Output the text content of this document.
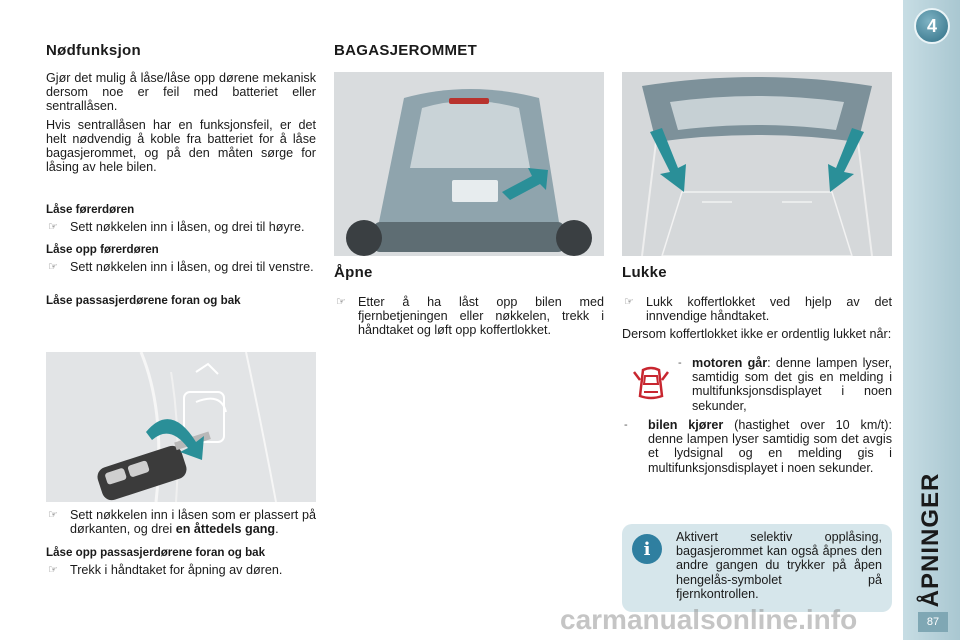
Nødfunksjon
Gjør det mulig å låse/låse opp dørene mekanisk dersom noe er feil med batteriet eller sentrallåsen.
Hvis sentrallåsen har en funksjonsfeil, er det helt nødvendig å koble fra batteriet for å låse bagasjerommet, og på den måten sørge for låsing av hele bilen.
Låse førerdøren
☞ Sett nøkkelen inn i låsen, og drei til høyre.
Låse opp førerdøren
☞ Sett nøkkelen inn i låsen, og drei til venstre.
Låse passasjerdørene foran og bak
☞ Sett nøkkelen inn i låsen som er plassert på dørkanten, og drei en åttedels gang.
Låse opp passasjerdørene foran og bak
☞ Trekk i håndtaket for åpning av døren.
BAGASJEROMMET
Åpne
☞ Etter å ha låst opp bilen med fjernbetjeningen eller nøkkelen, trekk i håndtaket og løft opp koffertlokket.
Lukke
☞ Lukk koffertlokket ved hjelp av det innvendige håndtaket.
Dersom koffertlokket ikke er ordentlig lukket når:
- motoren går: denne lampen lyser, samtidig som det gis en melding i multifunksjonsdisplayet i noen sekunder,
-	bilen kjører (hastighet over 10 km/t): denne lampen lyser samtidig som det avgis et lydsignal og en melding gis i multifunksjonsdisplayet i noen sekunder.
i
Aktivert selektiv opplåsing, bagasjerommet kan også åpnes den andre gangen du trykker på åpen hengelås-symbolet på fjernkontrollen.
4
ÅPNINGER
87
carmanualsonline.info
